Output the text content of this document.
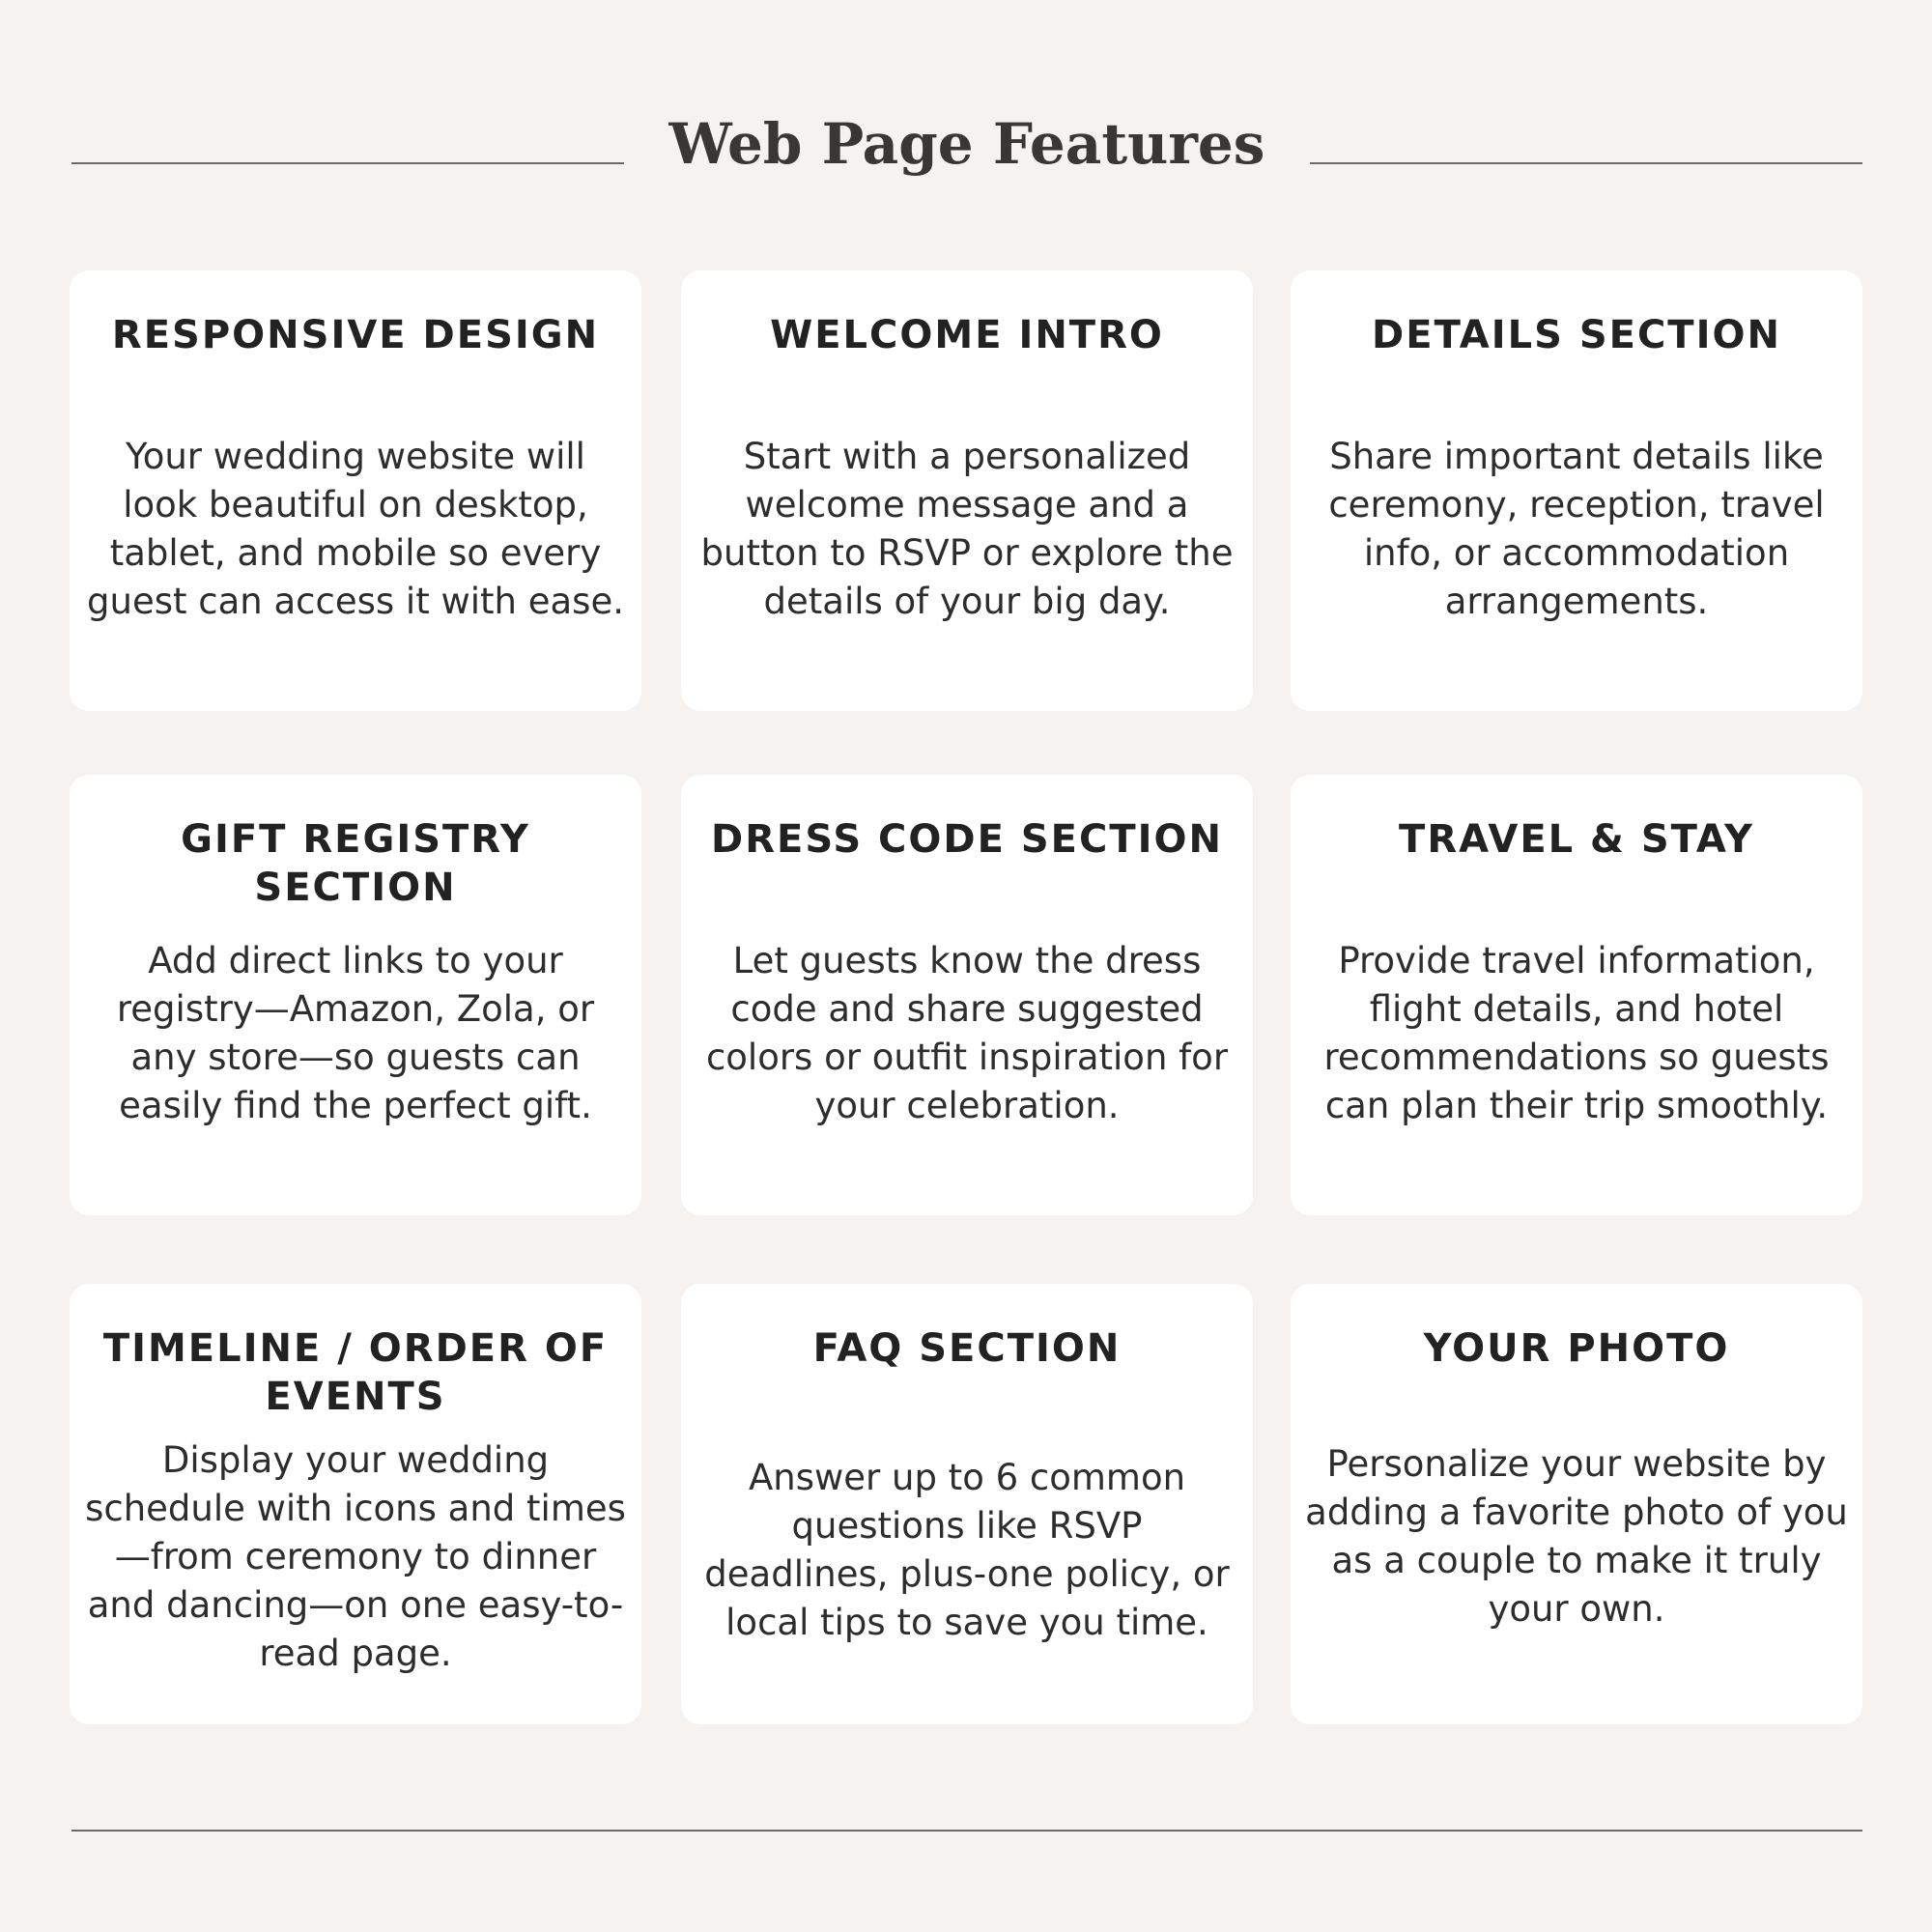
Web Page Features
RESPONSIVE DESIGN
Your wedding website will look beautiful on desktop, tablet, and mobile so every guest can access it with ease.
WELCOME INTRO
Start with a personalized welcome message and a button to RSVP or explore the details of your big day.
DETAILS SECTION
Share important details like ceremony, reception, travel info, or accommodation arrangements.
GIFT REGISTRY SECTION
Add direct links to your registry—Amazon, Zola, or any store—so guests can easily find the perfect gift.
DRESS CODE SECTION
Let guests know the dress code and share suggested colors or outfit inspiration for your celebration.
TRAVEL & STAY
Provide travel information, flight details, and hotel recommendations so guests can plan their trip smoothly.
TIMELINE / ORDER OF EVENTS
Display your wedding schedule with icons and times—from ceremony to dinner and dancing—on one easy-to-read page.
FAQ SECTION
Answer up to 6 common questions like RSVP deadlines, plus-one policy, or local tips to save you time.
YOUR PHOTO
Personalize your website by adding a favorite photo of you as a couple to make it truly your own.
